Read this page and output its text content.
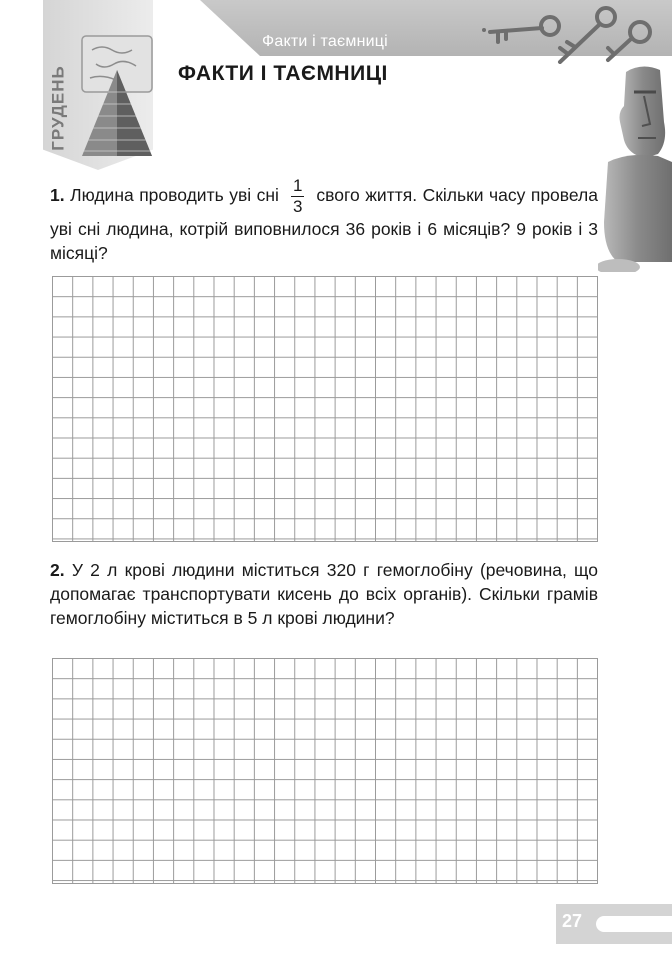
Факти і таємниці
ГРУДЕНЬ	ФАКТИ І ТАЄМНИЦІ
1. Людина проводить уві сні $\frac{1}{3}$ свого життя. Скільки часу провела уві сні людина, котрій виповнилося 36 років і 6 місяців? 9 років і 3 місяці?
2. У 2 л крові людини міститься 320 г гемоглобіну (речовина, що допомагає транспортувати кисень до всіх органів). Скільки грамів гемоглобіну міститься в 5 л крові людини?
27
